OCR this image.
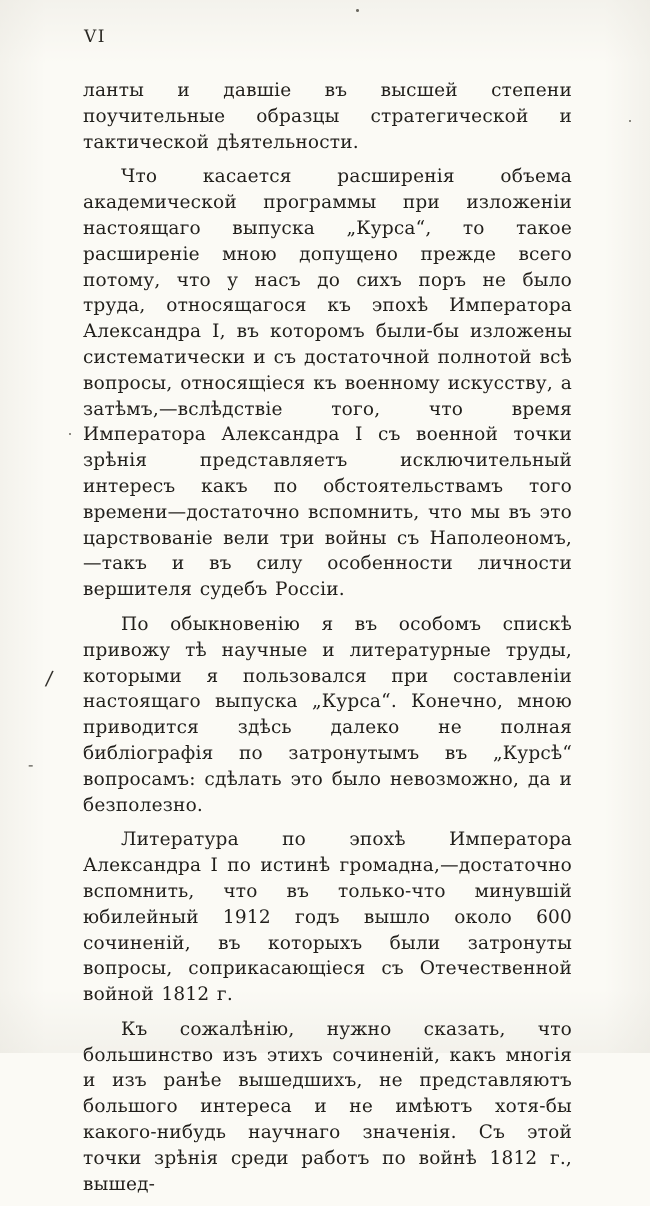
VI

ланты и давшіе въ высшей степени поучительные образцы стратегической и тактической дѣятельности.

Что касается расширенія объема академической программы при изложеніи настоящаго выпуска „Курса“, то такое расширеніе мною допущено прежде всего потому, что у насъ до сихъ поръ не было труда, относящагося къ эпохѣ Императора Александра I, въ которомъ были-бы изложены систематически и съ достаточной полнотой всѣ вопросы, относящіеся къ военному искусству, а затѣмъ,—вслѣдствіе того, что время Императора Александра I съ военной точки зрѣнія представляетъ исключительный интересъ какъ по обстоятельствамъ того времени—достаточно вспомнить, что мы въ это царствованіе вели три войны съ Наполеономъ,—такъ и въ силу особенности личности вершителя судебъ Россіи.

По обыкновенію я въ особомъ спискѣ привожу тѣ научные и литературные труды, которыми я пользовался при составленіи настоящаго выпуска „Курса“. Конечно, мною приводится здѣсь далеко не полная библіографія по затронутымъ въ „Курсѣ“ вопросамъ: сдѣлать это было невозможно, да и безполезно.

Литература по эпохѣ Императора Александра I по истинѣ громадна,—достаточно вспомнить, что въ только-что минувшій юбилейный 1912 годъ вышло около 600 сочиненій, въ которыхъ были затронуты вопросы, соприкасающіеся съ Отечественной войной 1812 г.

Къ сожалѣнію, нужно сказать, что большинство изъ этихъ сочиненій, какъ многія и изъ ранѣе вышедшихъ, не представляютъ большого интереса и не имѣютъ хотя-бы какого-нибудь научнаго значенія. Съ этой точки зрѣнія среди работъ по войнѣ 1812 г., вышед-

/
-
